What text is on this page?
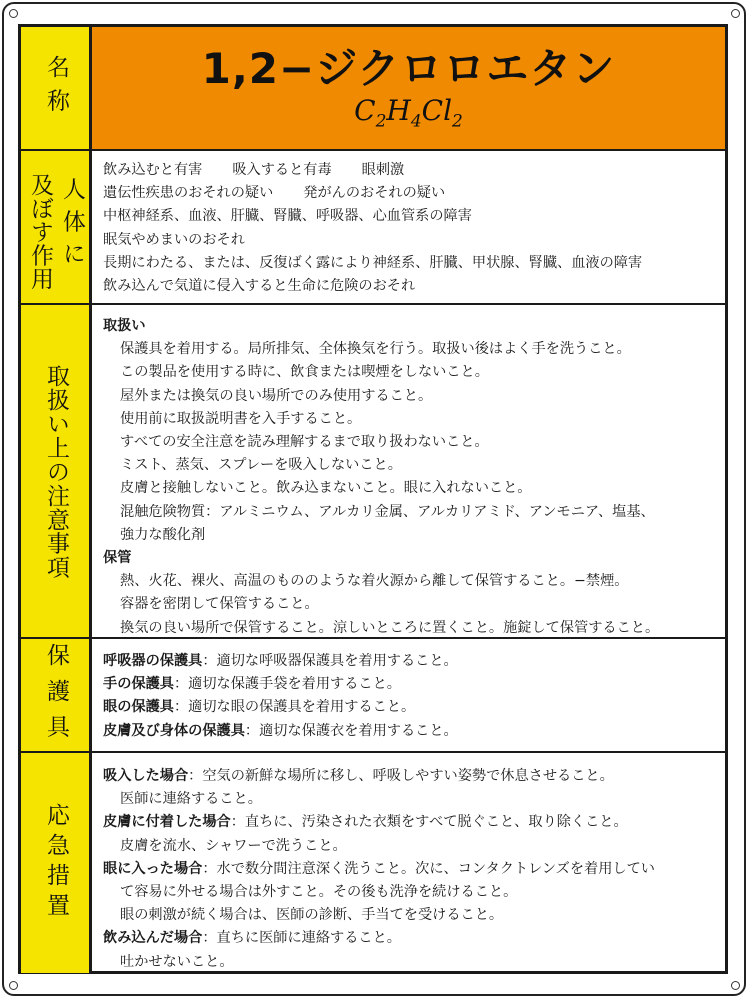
名称	1,2−ジクロロエタン
$C_2H_4Cl_2$
人体に
及ぼす作用
飲み込むと有害 吸入すると有毒 眼刺激
遺伝性疾患のおそれの疑い 発がんのおそれの疑い
中枢神経系、血液、肝臓、腎臓、呼吸器、心血管系の障害
眠気やめまいのおそれ
長期にわたる、または、反復ばく露により神経系、肝臓、甲状腺、腎臓、血液の障害
飲み込んで気道に侵入すると生命に危険のおそれ
取扱い上の注意事項
取扱い
保護具を着用する。局所排気、全体換気を行う。取扱い後はよく手を洗うこと。
この製品を使用する時に、飲食または喫煙をしないこと。
屋外または換気の良い場所でのみ使用すること。
使用前に取扱説明書を入手すること。
すべての安全注意を読み理解するまで取り扱わないこと。
ミスト、蒸気、スプレーを吸入しないこと。
皮膚と接触しないこと。飲み込まないこと。眼に入れないこと。
混触危険物質：アルミニウム、アルカリ金属、アルカリアミド、アンモニア、塩基、
強力な酸化剤
保管
熱、火花、裸火、高温のもののような着火源から離して保管すること。−禁煙。
容器を密閉して保管すること。
換気の良い場所で保管すること。涼しいところに置くこと。施錠して保管すること。
保護具 呼吸器の保護具：適切な呼吸器保護具を着用すること。
手の保護具：適切な保護手袋を着用すること。
眼の保護具：適切な眼の保護具を着用すること。
皮膚及び身体の保護具：適切な保護衣を着用すること。
応急措置
吸入した場合：空気の新鮮な場所に移し、呼吸しやすい姿勢で休息させること。
医師に連絡すること。
皮膚に付着した場合：直ちに、汚染された衣類をすべて脱ぐこと、取り除くこと。
皮膚を流水、シャワーで洗うこと。
眼に入った場合：水で数分間注意深く洗うこと。次に、コンタクトレンズを着用してい
て容易に外せる場合は外すこと。その後も洗浄を続けること。
眼の刺激が続く場合は、医師の診断、手当てを受けること。
飲み込んだ場合：直ちに医師に連絡すること。
吐かせないこと。
